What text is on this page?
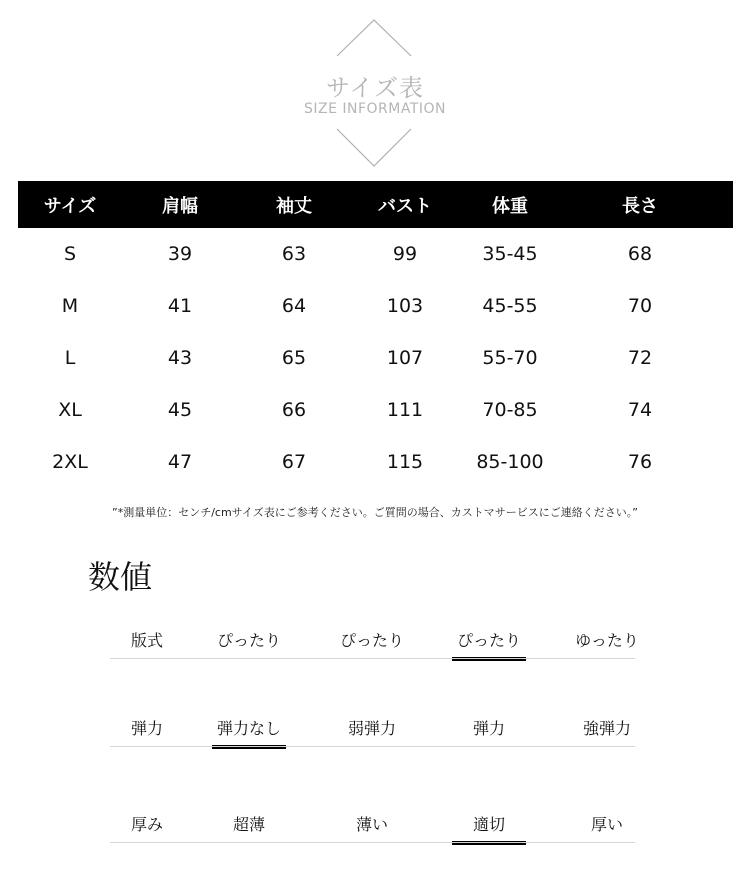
サイズ表
SIZE INFORMATION
サイズ	肩幅	袖丈	バスト	体重	長さ
S	39	63	99	35-45	68
M	41	64	103	45-55	70
L	43	65	107	55-70	72
XL	45	66	111	70-85	74
2XL	47	67	115	85-100	76
”*測量単位：センチ/cmサイズ表にご参考ください。ご質問の場合、カストマサービスにご連絡ください。”
数値
版式	ぴったり	ぴったり	ぴったり	ゆったり
弾力	弾力なし	弱弾力	弾力	強弾力
厚み	超薄	薄い	適切	厚い
